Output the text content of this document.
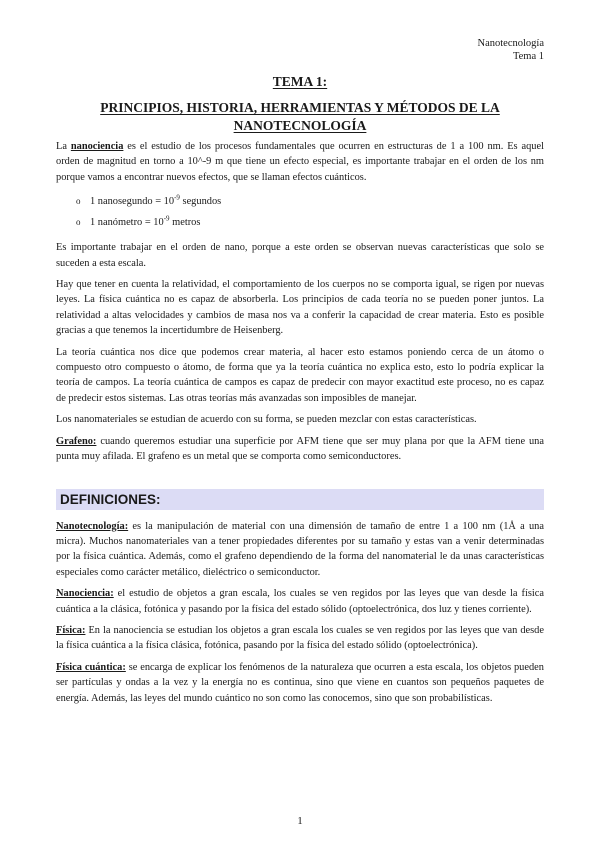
Nanotecnología
Tema 1
TEMA 1:
PRINCIPIOS, HISTORIA, HERRAMIENTAS Y MÉTODOS DE LA NANOTECNOLOGÍA

La nanociencia es el estudio de los procesos fundamentales que ocurren en estructuras de 1 a 100 nm. Es aquel orden de magnitud en torno a 10^-9 m que tiene un efecto especial, es importante trabajar en el orden de los nm porque vamos a encontrar nuevos efectos, que se llaman efectos cuánticos.

o 1 nanosegundo = $10^{-9}$ segundos
o 1 nanómetro = $10^{-9}$ metros

Es importante trabajar en el orden de nano, porque a este orden se observan nuevas características que solo se suceden a esta escala.

Hay que tener en cuenta la relatividad, el comportamiento de los cuerpos no se comporta igual, se rigen por nuevas leyes. La física cuántica no es capaz de absorberla. Los principios de cada teoría no se pueden poner juntos. La relatividad a altas velocidades y cambios de masa nos va a conferir la capacidad de crear materia. Esto es posible gracias a que tenemos la incertidumbre de Heisenberg.

La teoría cuántica nos dice que podemos crear materia, al hacer esto estamos poniendo cerca de un átomo o compuesto otro compuesto o átomo, de forma que ya la teoría cuántica no explica esto, esto lo podría explicar la teoría de campos. La teoría cuántica de campos es capaz de predecir con mayor exactitud este proceso, no es capaz de predecir estos sistemas. Las otras teorías más avanzadas son imposibles de manejar.

Los nanomateriales se estudian de acuerdo con su forma, se pueden mezclar con estas características.

Grafeno: cuando queremos estudiar una superficie por AFM tiene que ser muy plana por que la AFM tiene una punta muy afilada. El grafeno es un metal que se comporta como semiconductores.

DEFINICIONES:

Nanotecnología: es la manipulación de material con una dimensión de tamaño de entre 1 a 100 nm (1Å a una micra). Muchos nanomateriales van a tener propiedades diferentes por su tamaño y estas van a venir determinadas por la física cuántica. Además, como el grafeno dependiendo de la forma del nanomaterial le da unas características especiales como carácter metálico, dieléctrico o semiconductor.

Nanociencia: el estudio de objetos a gran escala, los cuales se ven regidos por las leyes que van desde la física cuántica a la clásica, fotónica y pasando por la física del estado sólido (optoelectrónica, dos luz y tienes corriente).

Física: En la nanociencia se estudian los objetos a gran escala los cuales se ven regidos por las leyes que van desde la física cuántica a la física clásica, fotónica, pasando por la física del estado sólido (optoelectrónica).

Física cuántica: se encarga de explicar los fenómenos de la naturaleza que ocurren a esta escala, los objetos pueden ser partículas y ondas a la vez y la energía no es continua, sino que viene en cuantos son pequeños paquetes de energía. Además, las leyes del mundo cuántico no son como las conocemos, sino que son probabilísticas.

1
